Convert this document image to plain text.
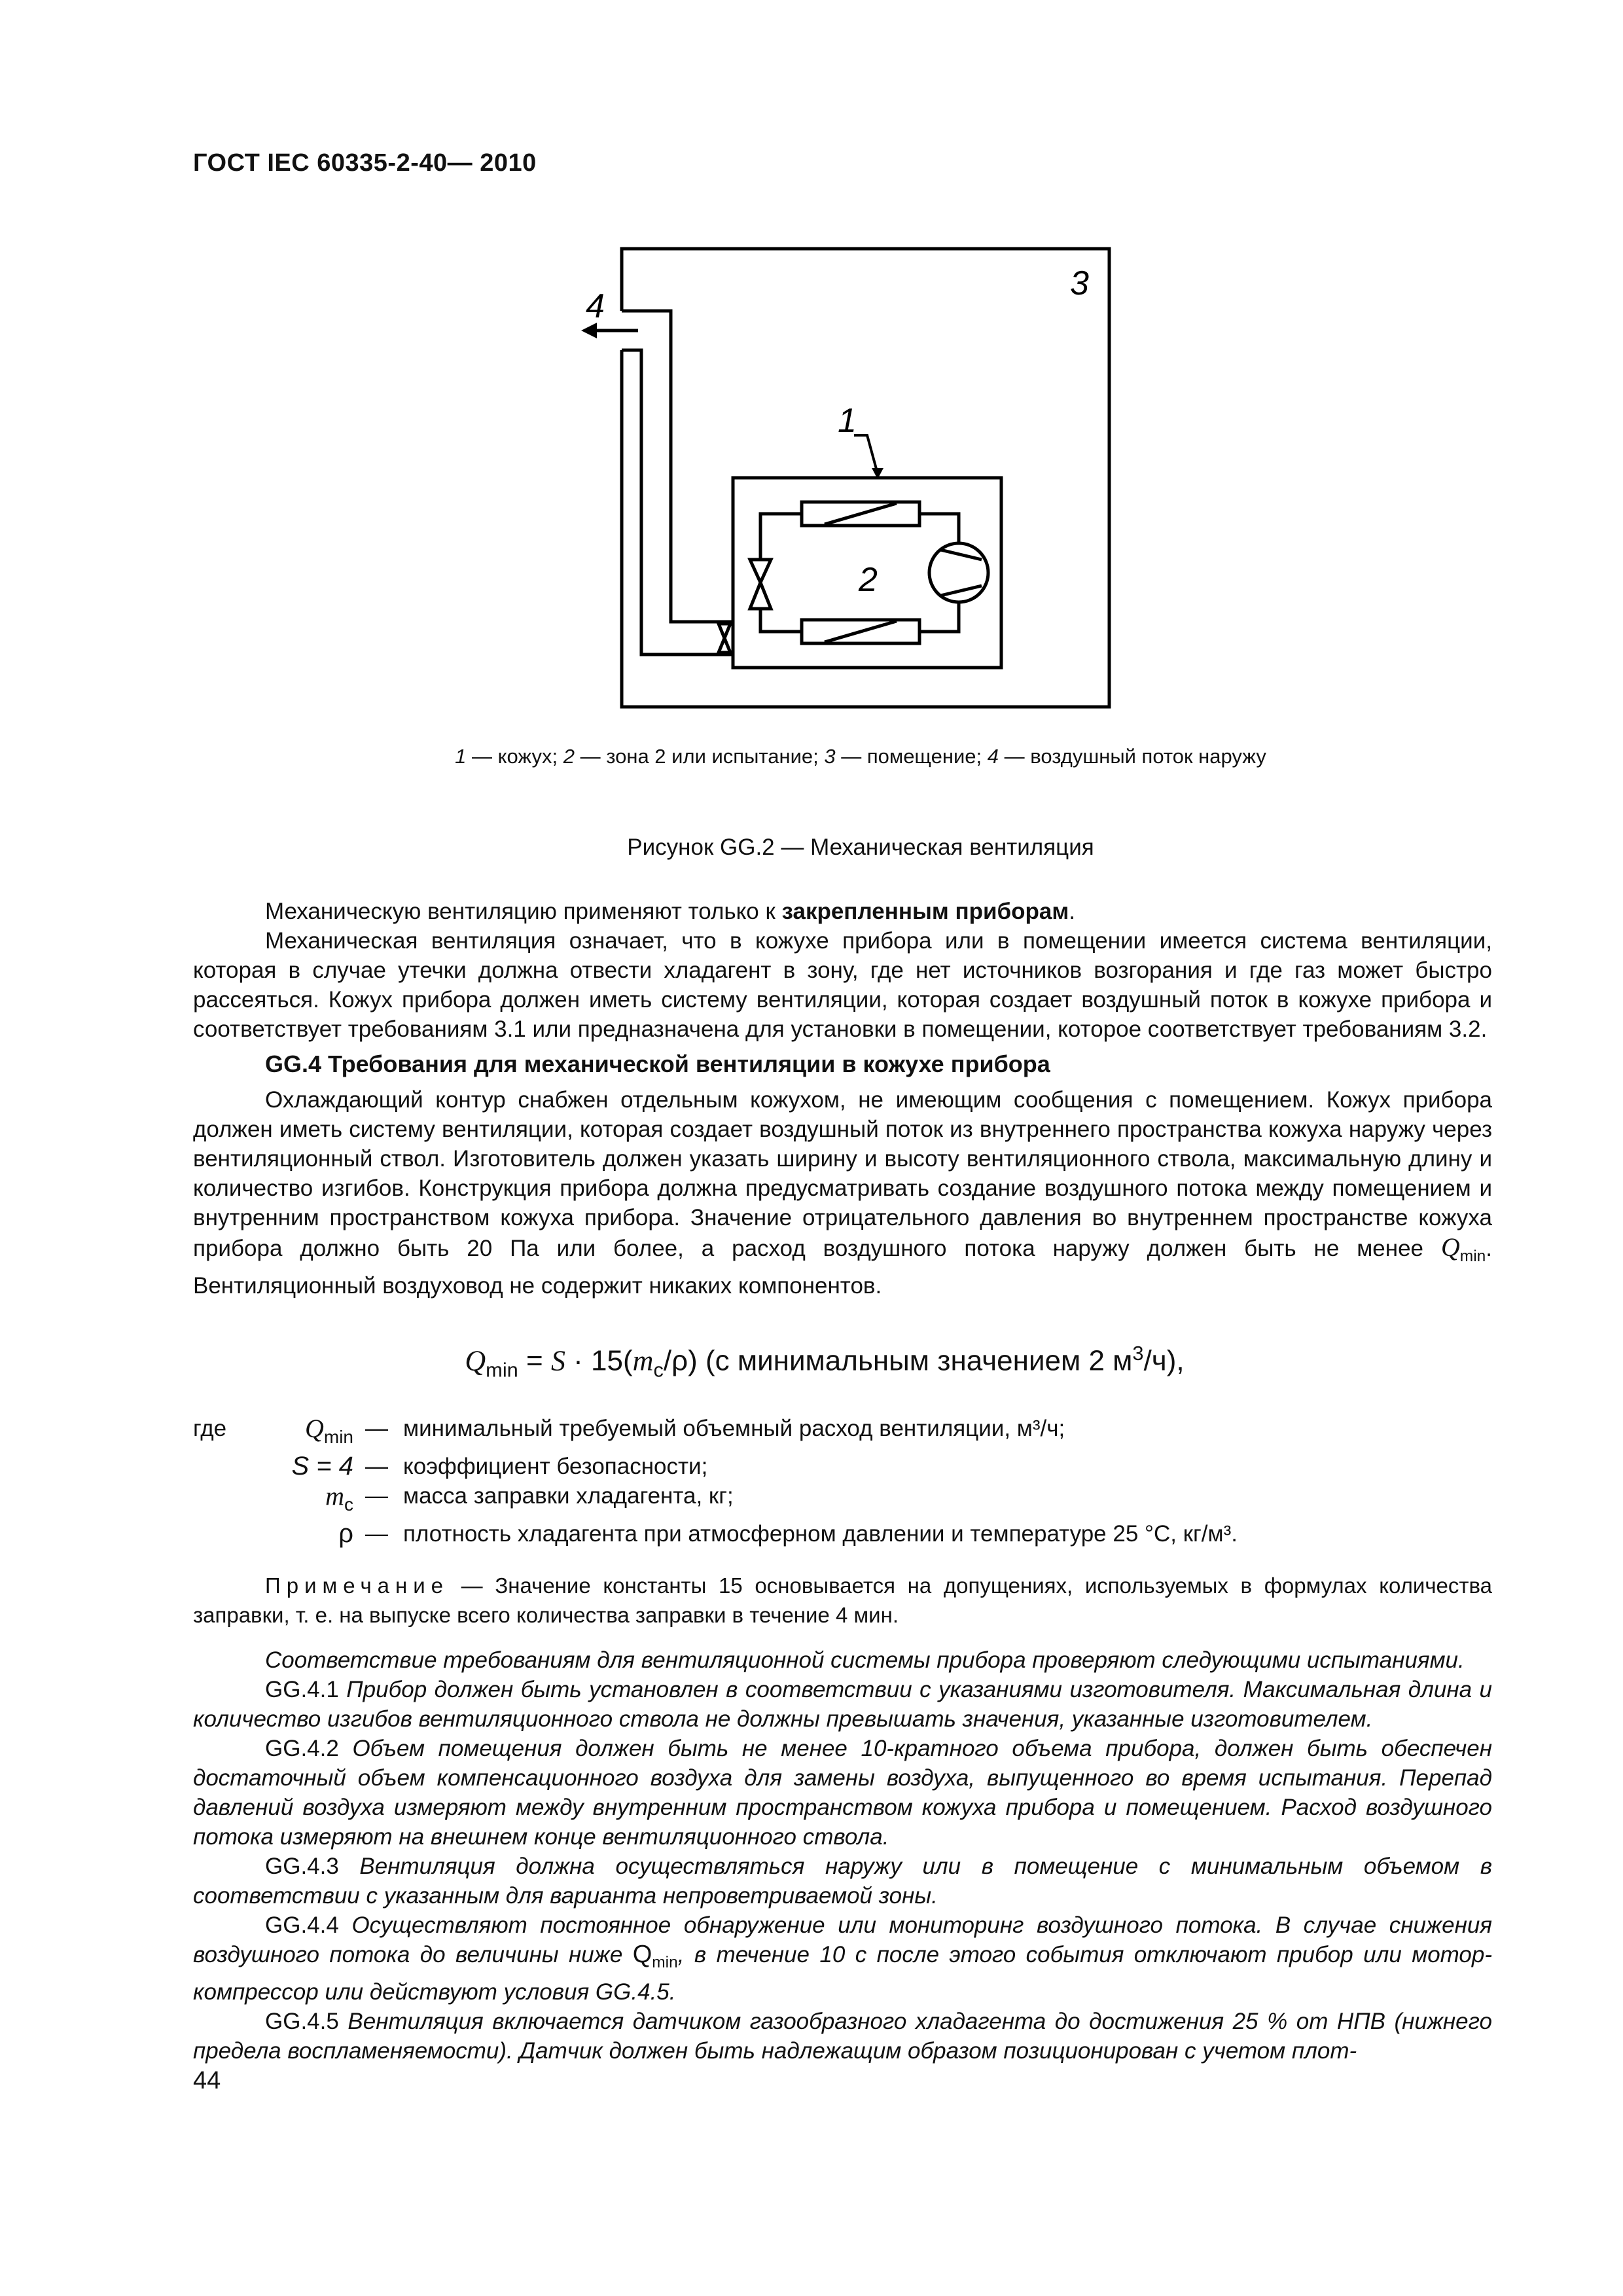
ГОСТ IEC 60335-2-40— 2010
1
2
3
4
1 — кожух; 2 — зона 2 или испытание; 3 — помещение; 4 — воздушный поток наружу
Рисунок GG.2 — Механическая вентиляция

Механическую вентиляцию применяют только к закрепленным приборам.

Механическая вентиляция означает, что в кожухе прибора или в помещении имеется система вентиляции, которая в случае утечки должна отвести хладагент в зону, где нет источников возгорания и где газ может быстро рассеяться. Кожух прибора должен иметь систему вентиляции, которая создает воздушный поток в кожухе прибора и соответствует требованиям 3.1 или предназначена для установки в помещении, которое соответствует требованиям 3.2.

GG.4 Требования для механической вентиляции в кожухе прибора

Охлаждающий контур снабжен отдельным кожухом, не имеющим сообщения с помещением. Кожух прибора должен иметь систему вентиляции, которая создает воздушный поток из внутреннего пространства кожуха наружу через вентиляционный ствол. Изготовитель должен указать ширину и высоту вентиляционного ствола, максимальную длину и количество изгибов. Конструкция прибора должна предусматривать создание воздушного потока между помещением и внутренним пространством кожуха прибора. Значение отрицательного давления во внутреннем пространстве кожуха прибора должно быть 20 Па или более, а расход воздушного потока наружу должен быть не менее $Q_{min}$. Вентиляционный воздуховод не содержит никаких компонентов.

$Q_{min} = S \cdot 15(m_c/\rho)$ (с минимальным значением 2 $м^3/ч$),
где	$Q_{min}$ — минимальный требуемый объемный расход вентиляции, м³/ч;
S = 4 — коэффициент безопасности;
$m_c$ — масса заправки хладагента, кг;
ρ — плотность хладагента при атмосферном давлении и температуре 25 °С, кг/м³.

Примечание — Значение константы 15 основывается на допущениях, используемых в формулах количества заправки, т. е. на выпуске всего количества заправки в течение 4 мин.

Соответствие требованиям для вентиляционной системы прибора проверяют следующими испытаниями.

GG.4.1 Прибор должен быть установлен в соответствии с указаниями изготовителя. Максимальная длина и количество изгибов вентиляционного ствола не должны превышать значения, указанные изготовителем.

GG.4.2 Объем помещения должен быть не менее 10-кратного объема прибора, должен быть обеспечен достаточный объем компенсационного воздуха для замены воздуха, выпущенного во время испытания. Перепад давлений воздуха измеряют между внутренним пространством кожуха прибора и помещением. Расход воздушного потока измеряют на внешнем конце вентиляционного ствола.

GG.4.3 Вентиляция должна осуществляться наружу или в помещение с минимальным объемом в соответствии с указанным для варианта непроветриваемой зоны.

GG.4.4 Осуществляют постоянное обнаружение или мониторинг воздушного потока. В случае снижения воздушного потока до величины ниже $Q_{min}$, в течение 10 с после этого события отключают прибор или мотор-компрессор или действуют условия GG.4.5.

GG.4.5 Вентиляция включается датчиком газообразного хладагента до достижения 25 % от НПВ (нижнего предела воспламеняемости). Датчик должен быть надлежащим образом позиционирован с учетом плот-

44
